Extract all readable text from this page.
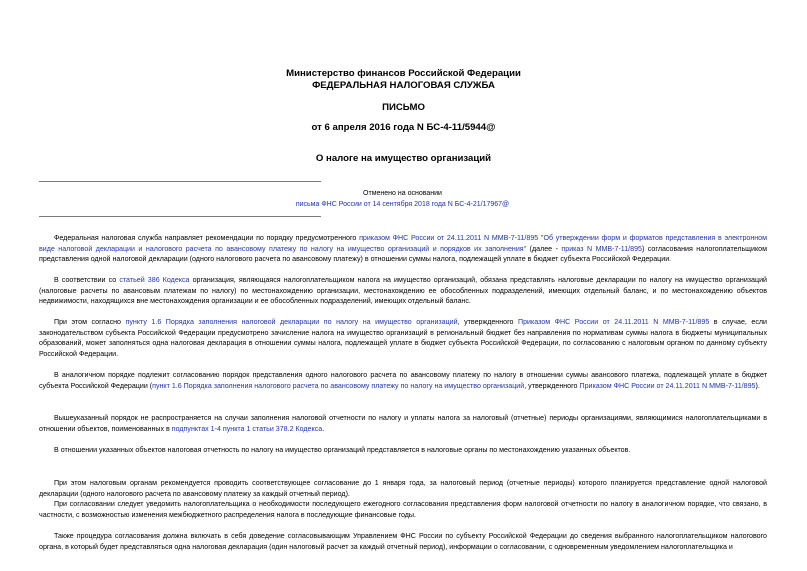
Министерство финансов Российской Федерации
ФЕДЕРАЛЬНАЯ НАЛОГОВАЯ СЛУЖБА
ПИСЬМО
от 6 апреля 2016 года N БС-4-11/5944@
О налоге на имущество организаций
Отменено на основании
письма ФНС России от 14 сентября 2018 года N БС-4-21/17967@

Федеральная налоговая служба направляет рекомендации по порядку предусмотренного приказом ФНС России от 24.11.2011 N ММВ-7-11/895 "Об утверждении форм и форматов представления в электронном виде налоговой декларации и налогового расчета по авансовому платежу по налогу на имущество организаций и порядков их заполнения" (далее - приказ N ММВ-7-11/895) согласования налогоплательщиком представления одной налоговой декларации (одного налогового расчета по авансовому платежу) в отношении суммы налога, подлежащей уплате в бюджет субъекта Российской Федерации.

В соответствии со статьей 386 Кодекса организация, являющаяся налогоплательщиком налога на имущество организаций, обязана представлять налоговые декларации по налогу на имущество организаций (налоговые расчеты по авансовым платежам по налогу) по местонахождению организации, местонахождению ее обособленных подразделений, имеющих отдельный баланс, и по местонахождению объектов недвижимости, находящихся вне местонахождения организации и ее обособленных подразделений, имеющих отдельный баланс.

При этом согласно пункту 1.6 Порядка заполнения налоговой декларации по налогу на имущество организаций, утвержденного Приказом ФНС России от 24.11.2011 N ММВ-7-11/895 в случае, если законодательством субъекта Российской Федерации предусмотрено зачисление налога на имущество организаций в региональный бюджет без направления по нормативам суммы налога в бюджеты муниципальных образований, может заполняться одна налоговая декларация в отношении суммы налога, подлежащей уплате в бюджет субъекта Российской Федерации, по согласованию с налоговым органом по данному субъекту Российской Федерации.

В аналогичном порядке подлежит согласованию порядок представления одного налогового расчета по авансовому платежу по налогу в отношении суммы авансового платежа, подлежащей уплате в бюджет субъекта Российской Федерации (пункт 1.6 Порядка заполнения налогового расчета по авансовому платежу по налогу на имущество организаций, утвержденного Приказом ФНС России от 24.11.2011 N ММВ-7-11/895).

Вышеуказанный порядок не распространяется на случаи заполнения налоговой отчетности по налогу и уплаты налога за налоговый (отчетные) периоды организациями, являющимися налогоплательщиками в отношении объектов, поименованных в подпунктах 1-4 пункта 1 статьи 378.2 Кодекса.

В отношении указанных объектов налоговая отчетность по налогу на имущество организаций представляется в налоговые органы по местонахождению указанных объектов.

При этом налоговым органам рекомендуется проводить соответствующее согласование до 1 января года, за налоговый период (отчетные периоды) которого планируется представление одной налоговой декларации (одного налогового расчета по авансовому платежу за каждый отчетный период).

При согласовании следует уведомить налогоплательщика о необходимости последующего ежегодного согласования представления форм налоговой отчетности по налогу в аналогичном порядке, что связано, в частности, с возможностью изменения межбюджетного распределения налога в последующие финансовые годы.

Также процедура согласования должна включать в себя доведение согласовывающим Управлением ФНС России по субъекту Российской Федерации до сведения выбранного налогоплательщиком налогового органа, в который будет представляться одна налоговая декларация (один налоговый расчет за каждый отчетный период), информации о согласовании, с одновременным уведомлением налогоплательщика и
